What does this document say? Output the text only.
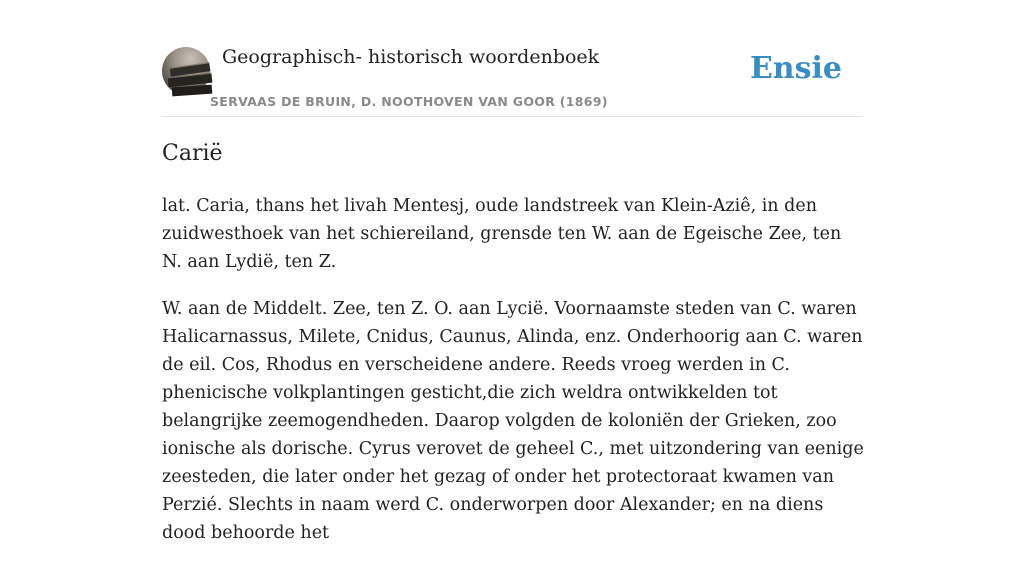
Geographisch- historisch woordenboek
SERVAAS DE BRUIN, D. NOOTHOVEN VAN GOOR (1869)
Ensie
Carië

lat. Caria, thans het livah Mentesj, oude landstreek van Klein-Aziê, in den zuidwesthoek van het schiereiland, grensde ten W. aan de Egeische Zee, ten N. aan Lydië, ten Z.

W. aan de Middelt. Zee, ten Z. O. aan Lycië. Voornaamste steden van C. waren Halicarnassus, Milete, Cnidus, Caunus, Alinda, enz. Onderhoorig aan C. waren de eil. Cos, Rhodus en verscheidene andere. Reeds vroeg werden in C. phenicische volkplantingen gesticht,die zich weldra ontwikkelden tot belangrijke zeemogendheden. Daarop volgden de koloniën der Grieken, zoo ionische als dorische. Cyrus verovet de geheel C., met uitzondering van eenige zeesteden, die later onder het gezag of onder het protectoraat kwamen van Perzié. Slechts in naam werd C. onderworpen door Alexander; en na diens dood behoorde het
